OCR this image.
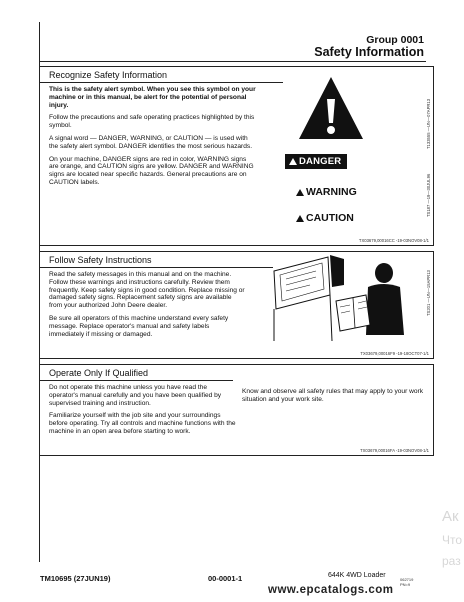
Group 0001
Safety Information
Recognize Safety Information

This is the safety alert symbol. When you see this symbol on your machine or in this manual, be alert for the potential of personal injury.

Follow the precautions and safe operating practices highlighted by this symbol.

A signal word — DANGER, WARNING, or CAUTION — is used with the safety alert symbol. DANGER identifies the most serious hazards.

On your machine, DANGER signs are red in color, WARNING signs are orange, and CAUTION signs are yellow. DANGER and WARNING signs are located near specific hazards. General precautions are on CAUTION labels.

DANGER
WARNING
CAUTION
T133555 —UN—07APR13
TS187 —19—30JUL96
TX03679,00016CC -19-03NOV08-1/1
Follow Safety Instructions

Read the safety messages in this manual and on the machine. Follow these warnings and instructions carefully. Review them frequently. Keep safety signs in good condition. Replace missing or damaged safety signs. Replacement safety signs are available from your authorized John Deere dealer.

Be sure all operators of this machine understand every safety message. Replace operator's manual and safety labels immediately if missing or damaged.

TS201 —UN—15APR13
TX03679,00016F9 -19-18OCT07-1/1
Operate Only If Qualified

Do not operate this machine unless you have read the operator's manual carefully and you have been qualified by supervised training and instruction.

Familiarize yourself with the job site and your surroundings before operating. Try all controls and machine functions with the machine in an open area before starting to work.

Know and observe all safety rules that may apply to your work situation and your work site.

TX03679,00016FA -19-03NOV08-1/1
TM10695 (27JUN19)	00-0001-1	644K 4WD Loader
062719
PN=9
www.epcatalogs.com
Ак
Что
раз
